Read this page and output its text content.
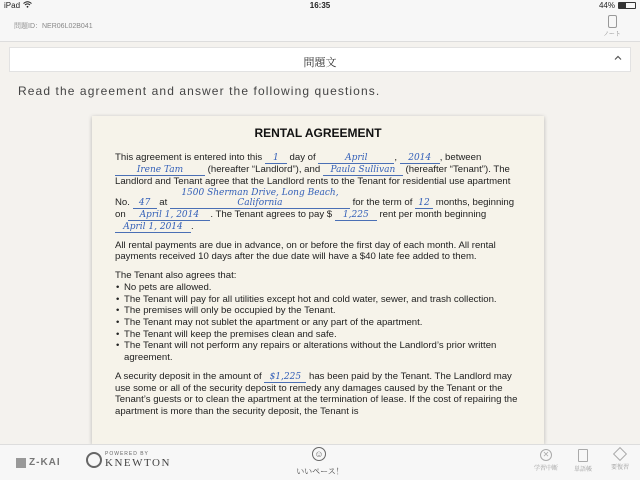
iPad	16:35	44%
問題ID：NER06L02B041
ノート
問題文
Read the agreement and answer the following questions.
RENTAL AGREEMENT

This agreement is entered into this 1 day of	April	, 2014 , between Irene Tam	(hereafter “Landlord”), and Paula Sullivan (hereafter “Tenant”). The Landlord and Tenant agree that the Landlord rents to the Tenant for residential use apartment No. 47 at 1500 Sherman Drive, Long Beach, California	for the term of 12 months, beginning on April 1, 2014 . The Tenant agrees to pay $ 1,225 rent per month beginning April 1, 2014 .

All rental payments are due in advance, on or before the first day of each month. All rental payments received 10 days after the due date will have a $40 late fee added to them.

The Tenant also agrees that:
• No pets are allowed.
• The Tenant will pay for all utilities except hot and cold water, sewer, and trash collection.
• The premises will only be occupied by the Tenant.
• The Tenant may not sublet the apartment or any part of the apartment.
• The Tenant will keep the premises clean and safe.
• The Tenant will not perform any repairs or alterations without the Landlord’s prior written agreement.

A security deposit in the amount of $1,225 has been paid by the Tenant. The Landlord may use some or all of the security deposit to remedy any damages caused by the Tenant or the Tenant’s guests or to clean the apartment at the termination of lease. If the cost of repairing the apartment is more than the security deposit, the Tenant is

Z-KAI
POWERED BY
KNEWTON
☺
いいペース！
✕
学習中断	単語帳	要復習
